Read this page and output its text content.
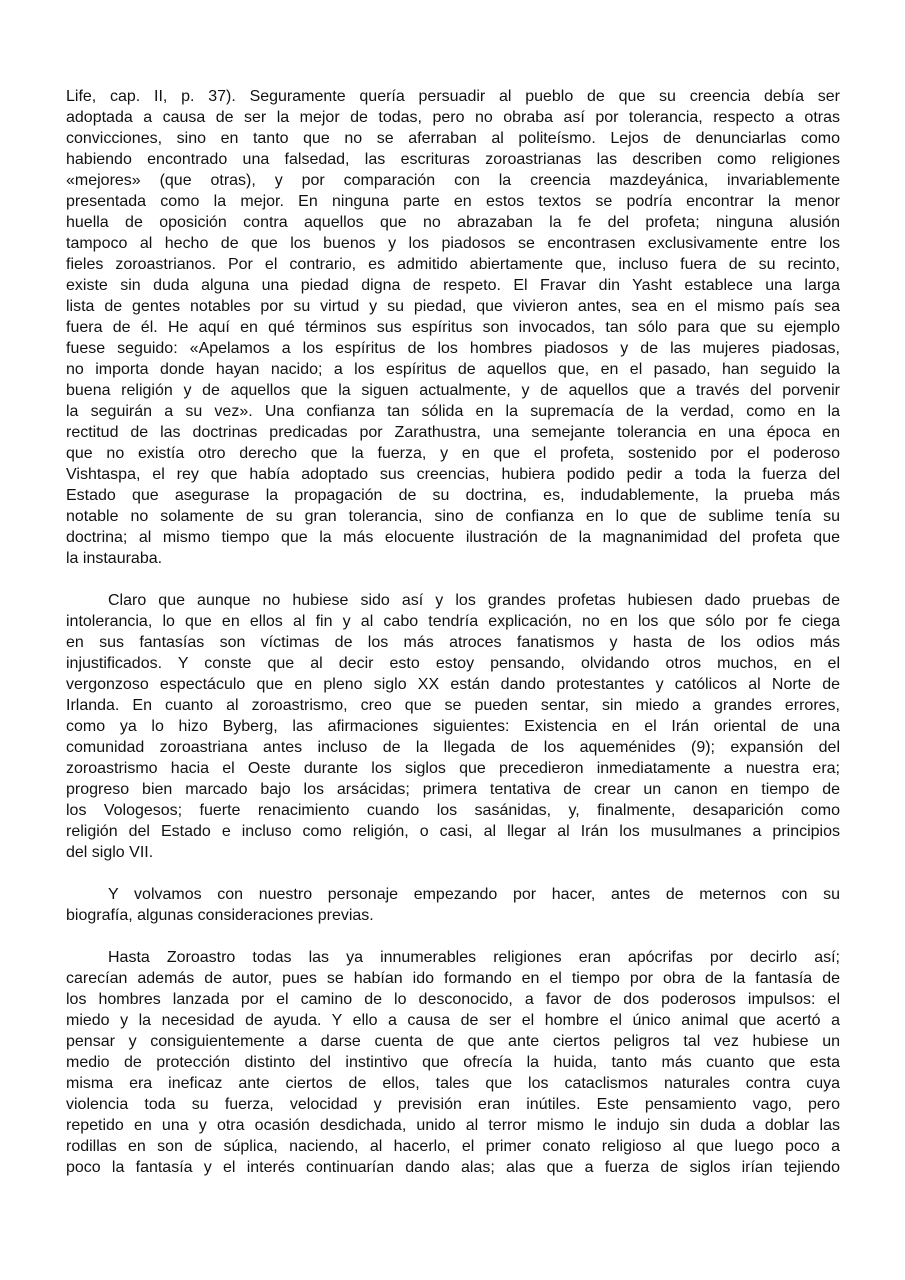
Life, cap. II, p. 37). Seguramente quería persuadir al pueblo de que su creencia debía ser
adoptada a causa de ser la mejor de todas, pero no obraba así por tolerancia, respecto a otras
convicciones, sino en tanto que no se aferraban al politeísmo. Lejos de denunciarlas como
habiendo encontrado una falsedad, las escrituras zoroastrianas las describen como religiones
«mejores» (que otras), y por comparación con la creencia mazdeyánica, invariablemente
presentada como la mejor. En ninguna parte en estos textos se podría encontrar la menor
huella de oposición contra aquellos que no abrazaban la fe del profeta; ninguna alusión
tampoco al hecho de que los buenos y los piadosos se encontrasen exclusivamente entre los
fieles zoroastrianos. Por el contrario, es admitido abiertamente que, incluso fuera de su recinto,
existe sin duda alguna una piedad digna de respeto. El Fravar din Yasht establece una larga
lista de gentes notables por su virtud y su piedad, que vivieron antes, sea en el mismo país sea
fuera de él. He aquí en qué términos sus espíritus son invocados, tan sólo para que su ejemplo
fuese seguido: «Apelamos a los espíritus de los hombres piadosos y de las mujeres piadosas,
no importa donde hayan nacido; a los espíritus de aquellos que, en el pasado, han seguido la
buena religión y de aquellos que la siguen actualmente, y de aquellos que a través del porvenir
la seguirán a su vez». Una confianza tan sólida en la supremacía de la verdad, como en la
rectitud de las doctrinas predicadas por Zarathustra, una semejante tolerancia en una época en
que no existía otro derecho que la fuerza, y en que el profeta, sostenido por el poderoso
Vishtaspa, el rey que había adoptado sus creencias, hubiera podido pedir a toda la fuerza del
Estado que asegurase la propagación de su doctrina, es, indudablemente, la prueba más
notable no solamente de su gran tolerancia, sino de confianza en lo que de sublime tenía su
doctrina; al mismo tiempo que la más elocuente ilustración de la magnanimidad del profeta que
la instauraba.
Claro que aunque no hubiese sido así y los grandes profetas hubiesen dado pruebas de
intolerancia, lo que en ellos al fin y al cabo tendría explicación, no en los que sólo por fe ciega
en sus fantasías son víctimas de los más atroces fanatismos y hasta de los odios más
injustificados. Y conste que al decir esto estoy pensando, olvidando otros muchos, en el
vergonzoso espectáculo que en pleno siglo XX están dando protestantes y católicos al Norte de
Irlanda. En cuanto al zoroastrismo, creo que se pueden sentar, sin miedo a grandes errores,
como ya lo hizo Byberg, las afirmaciones siguientes: Existencia en el Irán oriental de una
comunidad zoroastriana antes incluso de la llegada de los aqueménides (9); expansión del
zoroastrismo hacia el Oeste durante los siglos que precedieron inmediatamente a nuestra era;
progreso bien marcado bajo los arsácidas; primera tentativa de crear un canon en tiempo de
los Vologesos; fuerte renacimiento cuando los sasánidas, y, finalmente, desaparición como
religión del Estado e incluso como religión, o casi, al llegar al Irán los musulmanes a principios
del siglo VII.
Y volvamos con nuestro personaje empezando por hacer, antes de meternos con su
biografía, algunas consideraciones previas.
Hasta Zoroastro todas las ya innumerables religiones eran apócrifas por decirlo así;
carecían además de autor, pues se habían ido formando en el tiempo por obra de la fantasía de
los hombres lanzada por el camino de lo desconocido, a favor de dos poderosos impulsos: el
miedo y la necesidad de ayuda. Y ello a causa de ser el hombre el único animal que acertó a
pensar y consiguientemente a darse cuenta de que ante ciertos peligros tal vez hubiese un
medio de protección distinto del instintivo que ofrecía la huida, tanto más cuanto que esta
misma era ineficaz ante ciertos de ellos, tales que los cataclismos naturales contra cuya
violencia toda su fuerza, velocidad y previsión eran inútiles. Este pensamiento vago, pero
repetido en una y otra ocasión desdichada, unido al terror mismo le indujo sin duda a doblar las
rodillas en son de súplica, naciendo, al hacerlo, el primer conato religioso al que luego poco a
poco la fantasía y el interés continuarían dando alas; alas que a fuerza de siglos irían tejiendo
